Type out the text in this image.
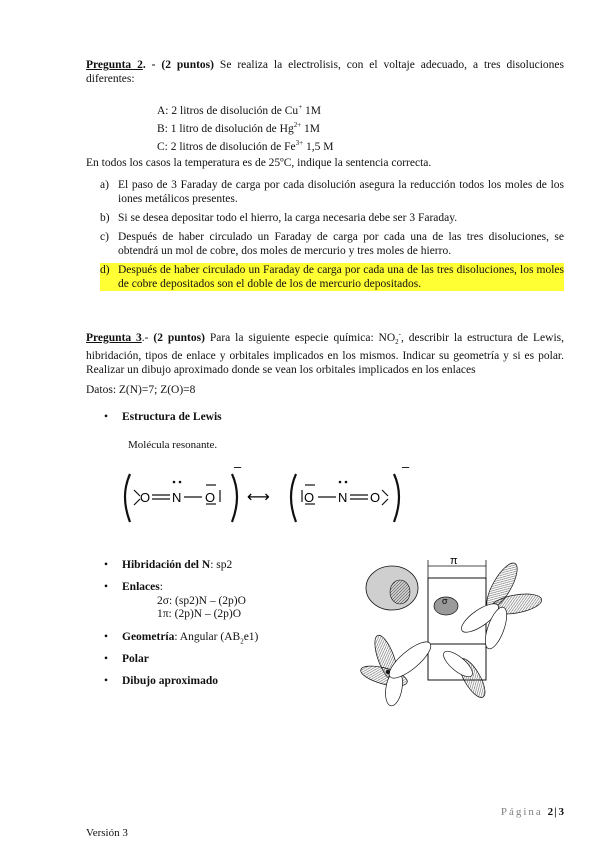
Pregunta 2. - (2 puntos) Se realiza la electrolisis, con el voltaje adecuado, a tres disoluciones diferentes:
A: 2 litros de disolución de Cu+ 1M
B: 1 litro de disolución de $Hg^{2+}$ 1M
C: 2 litros de disolución de $Fe^{3+}$ 1,5 M
En todos los casos la temperatura es de 25ºC, indique la sentencia correcta.
a) El paso de 3 Faraday de carga por cada disolución asegura la reducción todos los moles de los iones metálicos presentes.
b) Si se desea depositar todo el hierro, la carga necesaria debe ser 3 Faraday.
c) Después de haber circulado un Faraday de carga por cada una de las tres disoluciones, se obtendrá un mol de cobre, dos moles de mercurio y tres moles de hierro.
d) Después de haber circulado un Faraday de carga por cada una de las tres disoluciones, los moles de cobre depositados son el doble de los de mercurio depositados.
Pregunta 3.- (2 puntos) Para la siguiente especie química: $NO_2^-$, describir la estructura de Lewis, hibridación, tipos de enlace y orbitales implicados en los mismos. Indicar su geometría y si es polar. Realizar un dibujo aproximado donde se vean los orbitales implicados en los enlaces
Datos: Z(N)=7; Z(O)=8
• Estructura de Lewis
Molécula resonante.
–
O N O ⟷
–
O N O
• Hibridación del N: sp2
• Enlaces:
2σ: (sp2)N – (2p)O
1π: (2p)N – (2p)O
• Geometría: Angular $(AB_2e1)$
• Polar
• Dibujo aproximado
π
σ
Página 2|3
Versión 3
